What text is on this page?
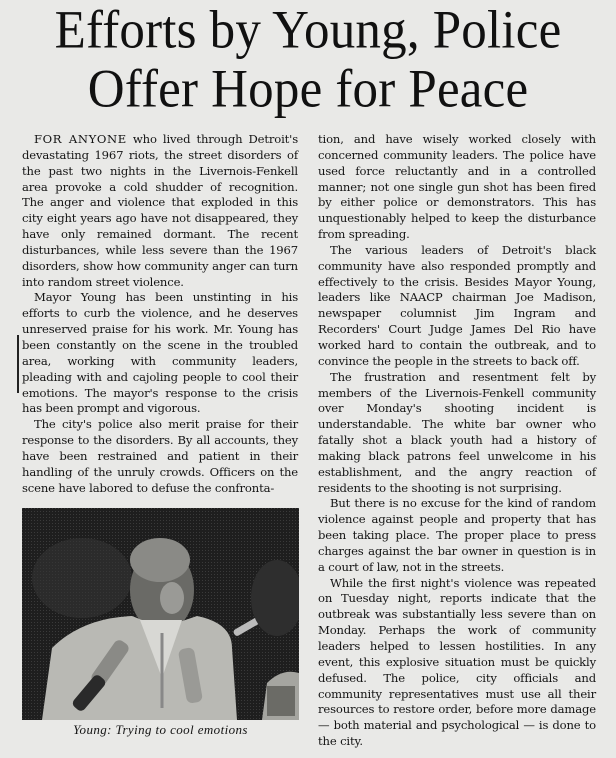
Efforts by Young, Police
Offer Hope for Peace

FOR ANYONE who lived through Detroit's devastating 1967 riots, the street disorders of the past two nights in the Livernois-Fenkell area provoke a cold shudder of recognition. The anger and violence that exploded in this city eight years ago have not disappeared, they have only remained dormant. The recent disturbances, while less severe than the 1967 disorders, show how community anger can turn into random street violence.

Mayor Young has been unstinting in his efforts to curb the violence, and he deserves unreserved praise for his work. Mr. Young has been constantly on the scene in the troubled area, working with community leaders, pleading with and cajoling people to cool their emotions. The mayor's response to the crisis has been prompt and vigorous.

The city's police also merit praise for their response to the disorders. By all accounts, they have been restrained and patient in their handling of the unruly crowds. Officers on the scene have labored to defuse the confronta-

Young: Trying to cool emotions

tion, and have wisely worked closely with concerned community leaders. The police have used force reluctantly and in a controlled manner; not one single gun shot has been fired by either police or demonstrators. This has unquestionably helped to keep the disturbance from spreading.

The various leaders of Detroit's black community have also responded promptly and effectively to the crisis. Besides Mayor Young, leaders like NAACP chairman Joe Madison, newspaper columnist Jim Ingram and Recorders' Court Judge James Del Rio have worked hard to contain the outbreak, and to convince the people in the streets to back off.

The frustration and resentment felt by members of the Livernois-Fenkell community over Monday's shooting incident is understandable. The white bar owner who fatally shot a black youth had a history of making black patrons feel unwelcome in his establishment, and the angry reaction of residents to the shooting is not surprising.

But there is no excuse for the kind of random violence against people and property that has been taking place. The proper place to press charges against the bar owner in question is in a court of law, not in the streets.

While the first night's violence was repeated on Tuesday night, reports indicate that the outbreak was substantially less severe than on Monday. Perhaps the work of community leaders helped to lessen hostilities. In any event, this explosive situation must be quickly defused. The police, city officials and community representatives must use all their resources to restore order, before more damage — both material and psychological — is done to the city.
